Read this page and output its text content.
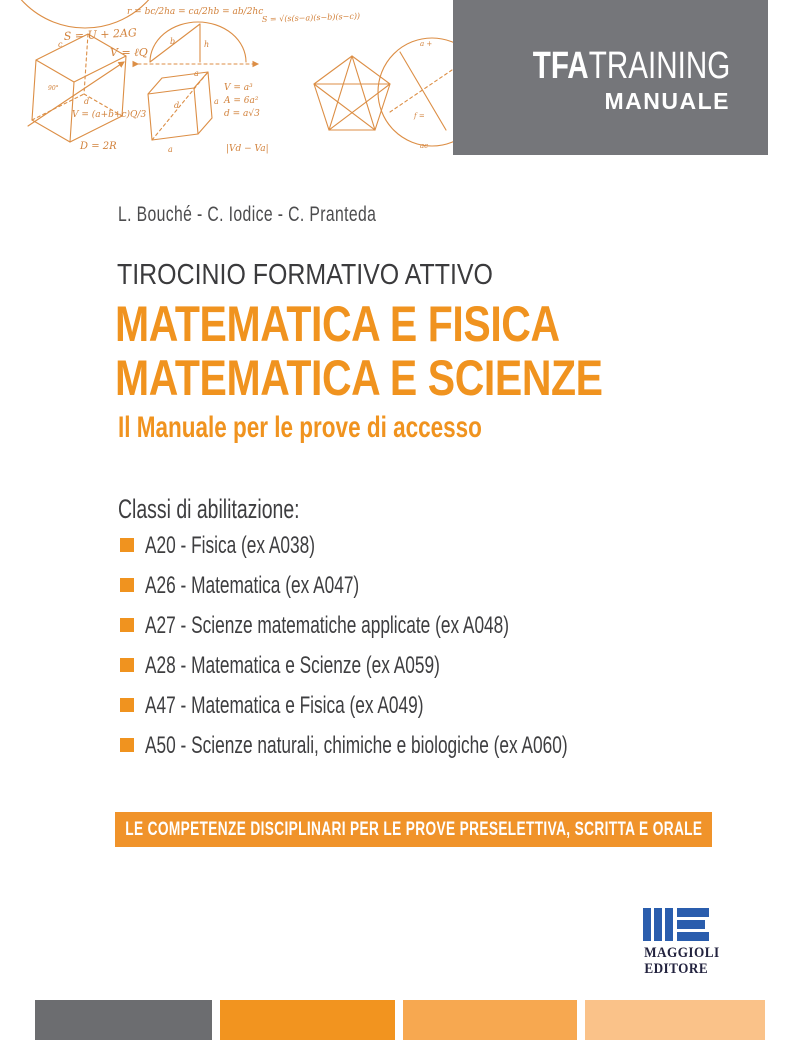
r = bc/2ha = ca/2hb = ab/2hc
c
d
90°
S = U + 2AG
V = ℓQ
V = (a+b+c)Q/3
D = 2R
b	h
a
a
d
a
V = a³
A = 6a²
d = a√3
S = √(s(s−a)(s−b)(s−c))
|Vd − Va|
a +
f =
ac
TFATRAINING
MANUALE
L. Bouché - C. Iodice - C. Pranteda
TIROCINIO FORMATIVO ATTIVO
MATEMATICA E FISICA
MATEMATICA E SCIENZE
Il Manuale per le prove di accesso
Classi di abilitazione:
A20 - Fisica (ex A038)
A26 - Matematica (ex A047)
A27 - Scienze matematiche applicate (ex A048)
A28 - Matematica e Scienze (ex A059)
A47 - Matematica e Fisica (ex A049)
A50 - Scienze naturali, chimiche e biologiche (ex A060)
LE COMPETENZE DISCIPLINARI PER LE PROVE PRESELETTIVA, SCRITTA E ORALE
MAGGIOLI
EDITORE
